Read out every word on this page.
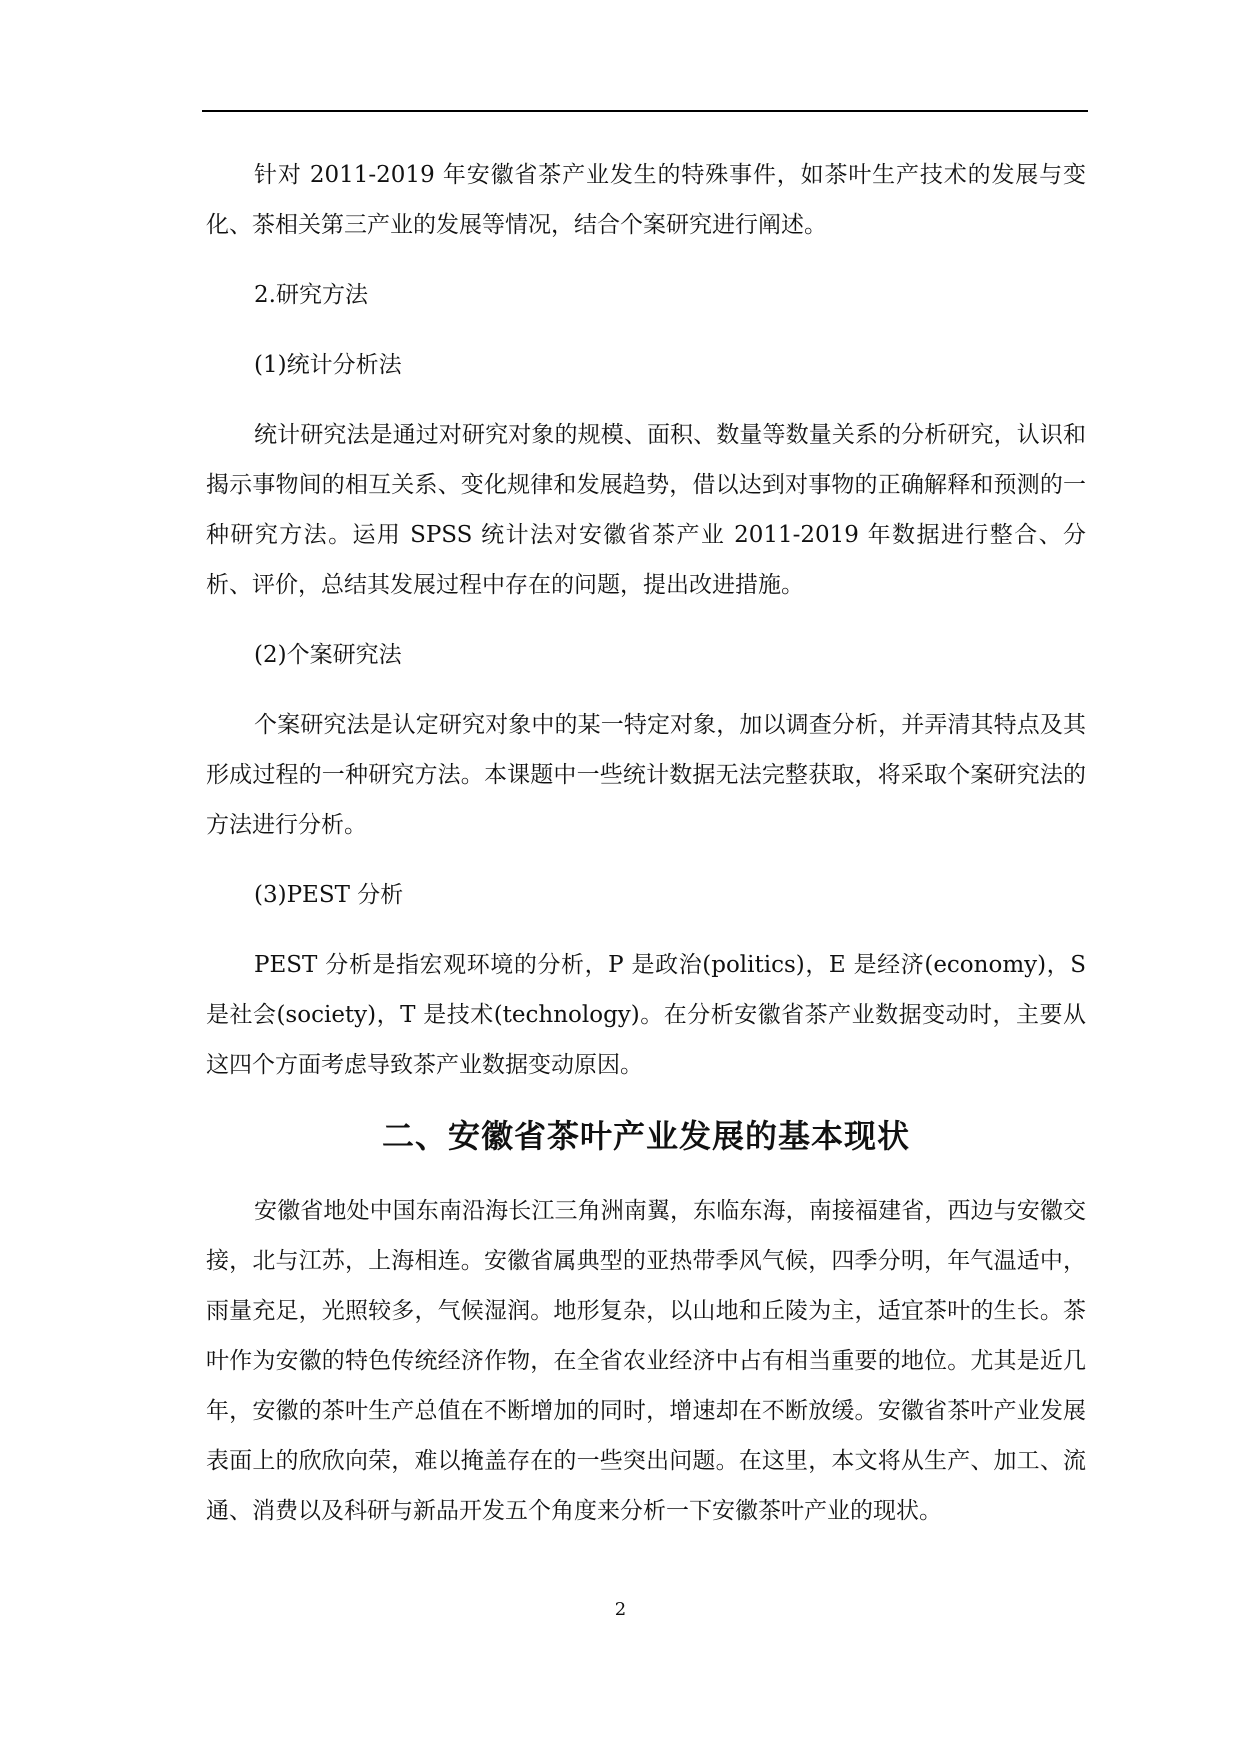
针对 2011-2019 年安徽省茶产业发生的特殊事件，如茶叶生产技术的发展与变化、茶相关第三产业的发展等情况，结合个案研究进行阐述。

2.研究方法

(1)统计分析法

统计研究法是通过对研究对象的规模、面积、数量等数量关系的分析研究，认识和揭示事物间的相互关系、变化规律和发展趋势，借以达到对事物的正确解释和预测的一种研究方法。运用 SPSS 统计法对安徽省茶产业 2011-2019 年数据进行整合、分析、评价，总结其发展过程中存在的问题，提出改进措施。

(2)个案研究法

个案研究法是认定研究对象中的某一特定对象，加以调查分析，并弄清其特点及其形成过程的一种研究方法。本课题中一些统计数据无法完整获取，将采取个案研究法的方法进行分析。

(3)PEST 分析

PEST 分析是指宏观环境的分析，P 是政治(politics)，E 是经济(economy)，S 是社会(society)，T 是技术(technology)。在分析安徽省茶产业数据变动时，主要从这四个方面考虑导致茶产业数据变动原因。

二、安徽省茶叶产业发展的基本现状

安徽省地处中国东南沿海长江三角洲南翼，东临东海，南接福建省，西边与安徽交接，北与江苏，上海相连。安徽省属典型的亚热带季风气候，四季分明，年气温适中，雨量充足，光照较多，气候湿润。地形复杂，以山地和丘陵为主，适宜茶叶的生长。茶叶作为安徽的特色传统经济作物，在全省农业经济中占有相当重要的地位。尤其是近几年，安徽的茶叶生产总值在不断增加的同时，增速却在不断放缓。安徽省茶叶产业发展表面上的欣欣向荣，难以掩盖存在的一些突出问题。在这里，本文将从生产、加工、流通、消费以及科研与新品开发五个角度来分析一下安徽茶叶产业的现状。

2
